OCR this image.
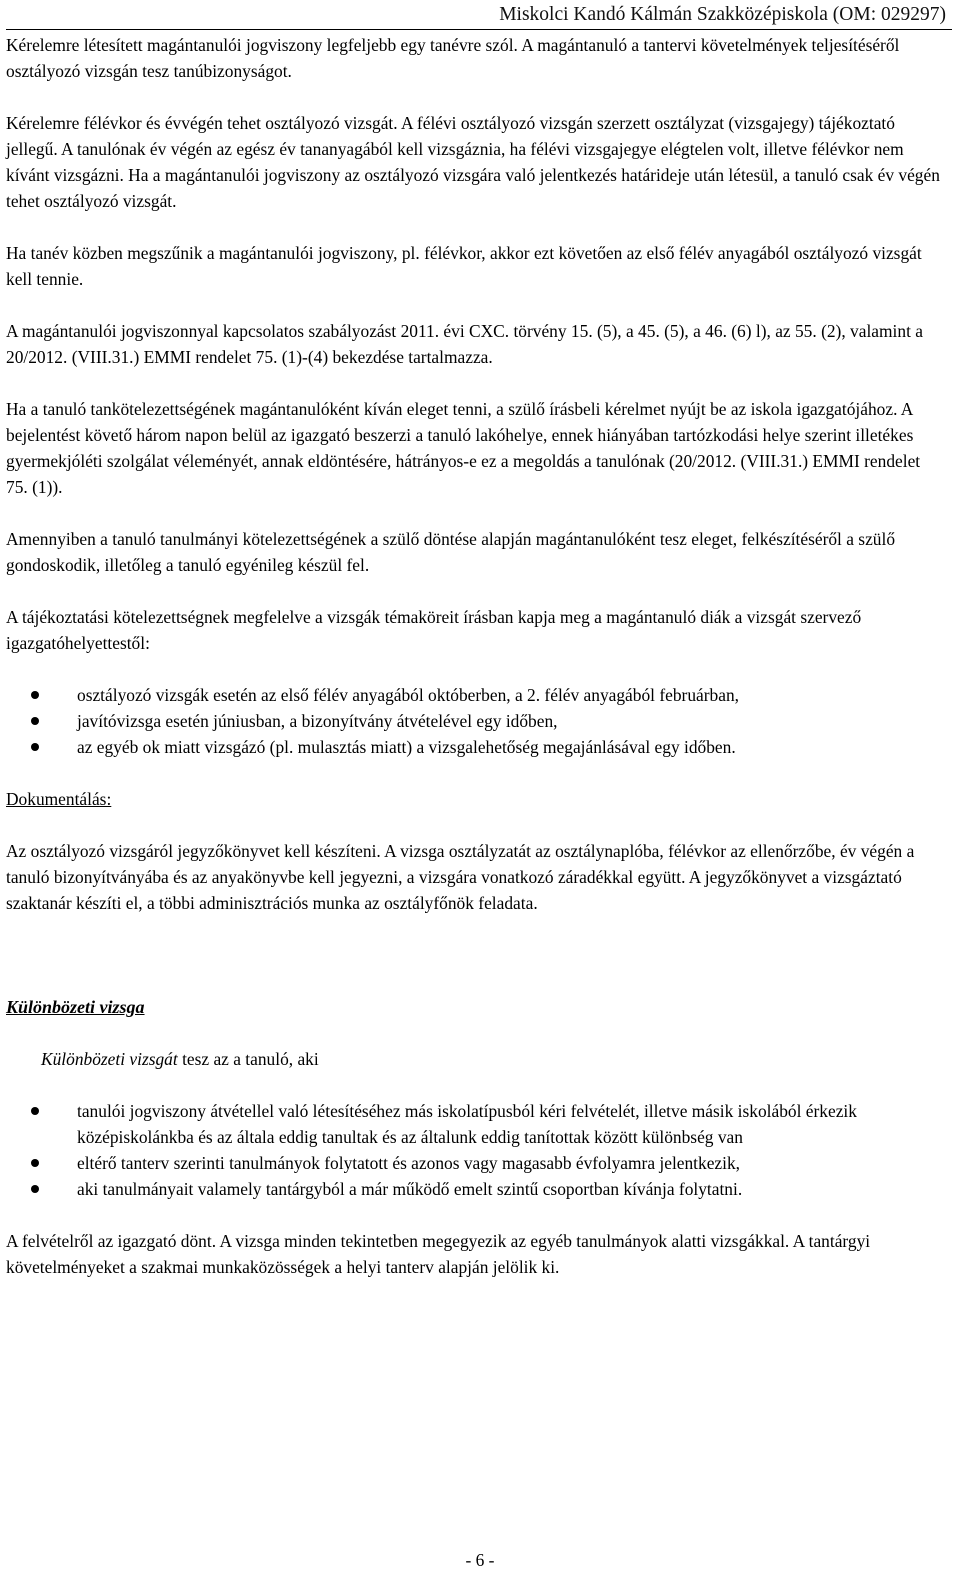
Miskolci Kandó Kálmán Szakközépiskola (OM: 029297)

Kérelemre létesített magántanulói jogviszony legfeljebb egy tanévre szól. A magántanuló a tantervi követelmények teljesítéséről osztályozó vizsgán tesz tanúbizonyságot.

Kérelemre félévkor és évvégén tehet osztályozó vizsgát. A félévi osztályozó vizsgán szerzett osztályzat (vizsgajegy) tájékoztató jellegű. A tanulónak év végén az egész év tananyagából kell vizsgáznia, ha félévi vizsgajegye elégtelen volt, illetve félévkor nem kívánt vizsgázni. Ha a magántanulói jogviszony az osztályozó vizsgára való jelentkezés határideje után létesül, a tanuló csak év végén tehet osztályozó vizsgát.

Ha tanév közben megszűnik a magántanulói jogviszony, pl. félévkor, akkor ezt követően az első félév anyagából osztályozó vizsgát kell tennie.

A magántanulói jogviszonnyal kapcsolatos szabályozást 2011. évi CXC. törvény 15. (5), a 45. (5), a 46. (6) l), az 55. (2), valamint a 20/2012. (VIII.31.) EMMI rendelet 75. (1)-(4) bekezdése tartalmazza.

Ha a tanuló tankötelezettségének magántanulóként kíván eleget tenni, a szülő írásbeli kérelmet nyújt be az iskola igazgatójához. A bejelentést követő három napon belül az igazgató beszerzi a tanuló lakóhelye, ennek hiányában tartózkodási helye szerint illetékes gyermekjóléti szolgálat véleményét, annak eldöntésére, hátrányos-e ez a megoldás a tanulónak (20/2012. (VIII.31.) EMMI rendelet 75. (1)).

Amennyiben a tanuló tanulmányi kötelezettségének a szülő döntése alapján magántanulóként tesz eleget, felkészítéséről a szülő gondoskodik, illetőleg a tanuló egyénileg készül fel.

A tájékoztatási kötelezettségnek megfelelve a vizsgák témaköreit írásban kapja meg a magántanuló diák a vizsgát szervező igazgatóhelyettestől:

osztályozó vizsgák esetén az első félév anyagából októberben, a 2. félév anyagából februárban,
javítóvizsga esetén júniusban, a bizonyítvány átvételével egy időben,
az egyéb ok miatt vizsgázó (pl. mulasztás miatt) a vizsgalehetőség megajánlásával egy időben.

Dokumentálás:

Az osztályozó vizsgáról jegyzőkönyvet kell készíteni. A vizsga osztályzatát az osztálynaplóba, félévkor az ellenőrzőbe, év végén a tanuló bizonyítványába és az anyakönyvbe kell jegyezni, a vizsgára vonatkozó záradékkal együtt. A jegyzőkönyvet a vizsgáztató szaktanár készíti el, a többi adminisztrációs munka az osztályfőnök feladata.

Különbözeti vizsga

Különbözeti vizsgát tesz az a tanuló, aki

tanulói jogviszony átvétellel való létesítéséhez más iskolatípusból kéri felvételét, illetve másik iskolából érkezik középiskolánkba és az általa eddig tanultak és az általunk eddig tanítottak között különbség van
eltérő tanterv szerinti tanulmányok folytatott és azonos vagy magasabb évfolyamra jelentkezik,
aki tanulmányait valamely tantárgyból a már működő emelt szintű csoportban kívánja folytatni.

A felvételről az igazgató dönt. A vizsga minden tekintetben megegyezik az egyéb tanulmányok alatti vizsgákkal. A tantárgyi követelményeket a szakmai munkaközösségek a helyi tanterv alapján jelölik ki.

- 6 -
